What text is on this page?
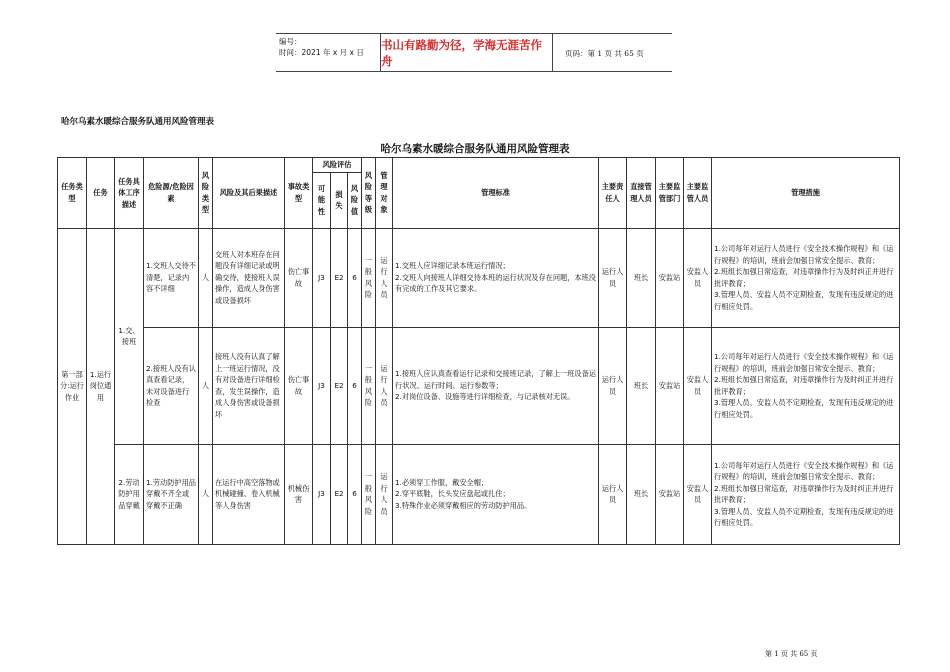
编号：
时间：2021 年 x 月 x 日
书山有路勤为径，学海无涯苦作舟	页码：第 1 页 共 65 页
哈尔乌素水暖综合服务队通用风险管理表
哈尔乌素水暖综合服务队通用风险管理表
任务类型	任务	任务具体工序描述	危险源/危险因素	风险类型	风险及其后果描述	事故类型	风险评估			风险等级	管理对象	管理标准	主要责任人	直接管理人员	主要监管部门	主要监管人员	管理措施
							可能性	损失	风险值								
第一部分:运行作业	1.运行岗位通用	1.交、接班	1.交班人交待不清楚，记录内容不详细	人	交班人对本班存在问题没有详细记录或明确交待，使接班人误操作，造成人身伤害或设备损坏	伤亡事故	J3	E2	6	一般风险	运行人员	1.交班人应详细记录本班运行情况；
2.交班人向接班人详细交待本班的运行状况及存在问题，本班没有完成的工作及其它要求。	运行人员	班长	安监站	安监人员	1.公司每年对运行人员进行《安全技术操作规程》和《运行规程》的培训，班前会加强日常安全提示、教育；
2.班组长加强日常巡查，对违章操作行为及时纠正并进行批评教育；
3.管理人员、安监人员不定期检查，发现有违反规定的进行相应处罚。
			2.接班人没有认真查看记录，未对设备进行检查	人	接班人没有认真了解上一班运行情况，没有对设备进行详细检查，发生误操作，造成人身伤害或设备损坏	伤亡事故	J3	E2	6	一般风险	运行人员	1.接班人应认真查看运行记录和交接班记录，了解上一班设备运行状况、运行时间、运行参数等；
2.对岗位设备、设施等进行详细检查，与记录核对无误。	运行人员	班长	安监站	安监人员	1.公司每年对运行人员进行《安全技术操作规程》和《运行规程》的培训，班前会加强日常安全提示、教育；
2.班组长加强日常巡查，对违章操作行为及时纠正并进行批评教育；
3.管理人员、安监人员不定期检查，发现有违反规定的进行相应处罚。
		2.劳动防护用品穿戴	1.劳动防护用品穿戴不齐全或穿戴不正确	人	在运行中高空落物或机械碰撞、卷入机械等人身伤害	机械伤害	J3	E2	6	一般风险	运行人员	1.必须穿工作服，戴安全帽；
2.穿平底鞋，长头发应盘起或扎住；
3.特殊作业必须穿戴相应的劳动防护用品。	运行人员	班长	安监站	安监人员	1.公司每年对运行人员进行《安全技术操作规程》和《运行规程》的培训，班前会加强日常安全提示、教育；
2.班组长加强日常巡查，对违章操作行为及时纠正并进行批评教育；
3.管理人员、安监人员不定期检查，发现有违反规定的进行相应处罚。
第 1 页 共 65 页
